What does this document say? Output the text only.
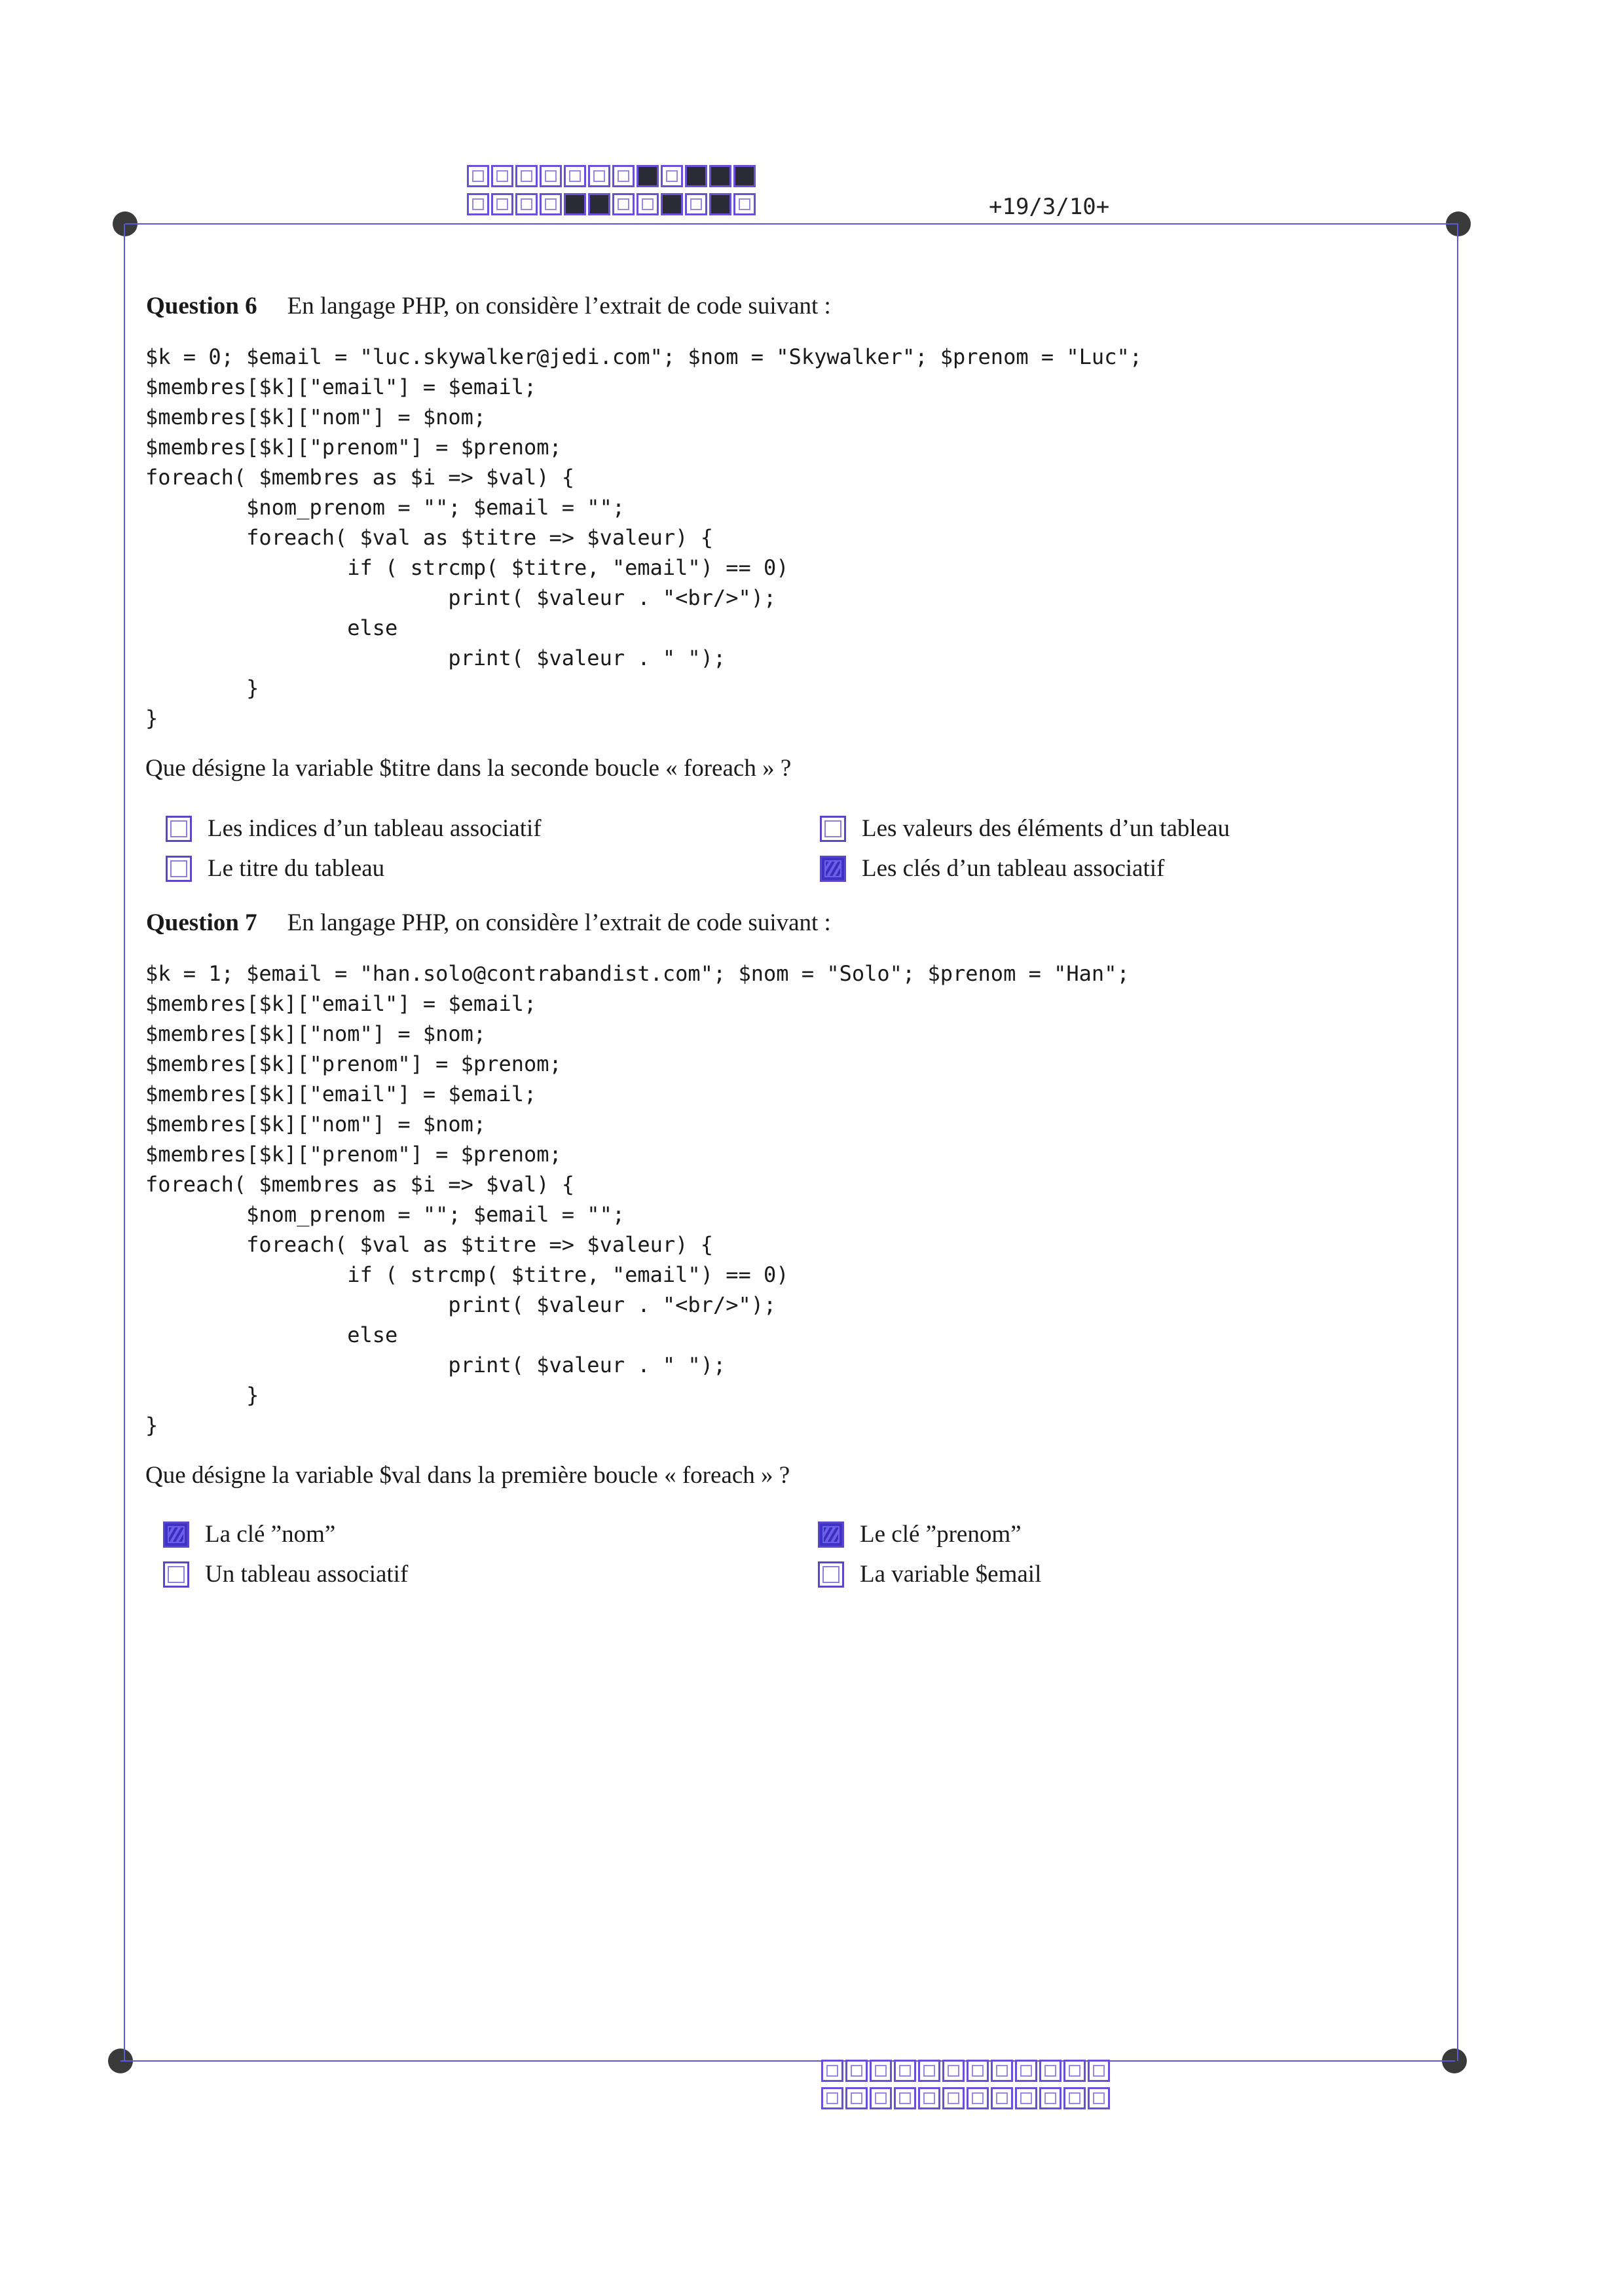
+19/3/10+
Question 6 En langage PHP, on considère l’extrait de code suivant :
$k = 0; $email = "luc.skywalker@jedi.com"; $nom = "Skywalker"; $prenom = "Luc";
$membres[$k]["email"] = $email;
$membres[$k]["nom"] = $nom;
$membres[$k]["prenom"] = $prenom;
foreach( $membres as $i => $val) {
$nom_prenom = ""; $email = "";
foreach( $val as $titre => $valeur) {
if ( strcmp( $titre, "email") == 0)
print( $valeur . "<br/>");
else
print( $valeur . " ");
}
}
Que désigne la variable $titre dans la seconde boucle « foreach » ?
Les indices d’un tableau associatif	Les valeurs des éléments d’un tableau
Le titre du tableau	Les clés d’un tableau associatif
Question 7 En langage PHP, on considère l’extrait de code suivant :
$k = 1; $email = "han.solo@contrabandist.com"; $nom = "Solo"; $prenom = "Han";
$membres[$k]["email"] = $email;
$membres[$k]["nom"] = $nom;
$membres[$k]["prenom"] = $prenom;
$membres[$k]["email"] = $email;
$membres[$k]["nom"] = $nom;
$membres[$k]["prenom"] = $prenom;
foreach( $membres as $i => $val) {
$nom_prenom = ""; $email = "";
foreach( $val as $titre => $valeur) {
if ( strcmp( $titre, "email") == 0)
print( $valeur . "<br/>");
else
print( $valeur . " ");
}
}
Que désigne la variable $val dans la première boucle « foreach » ?
La clé ”nom”	Le clé ”prenom”
Un tableau associatif	La variable $email
